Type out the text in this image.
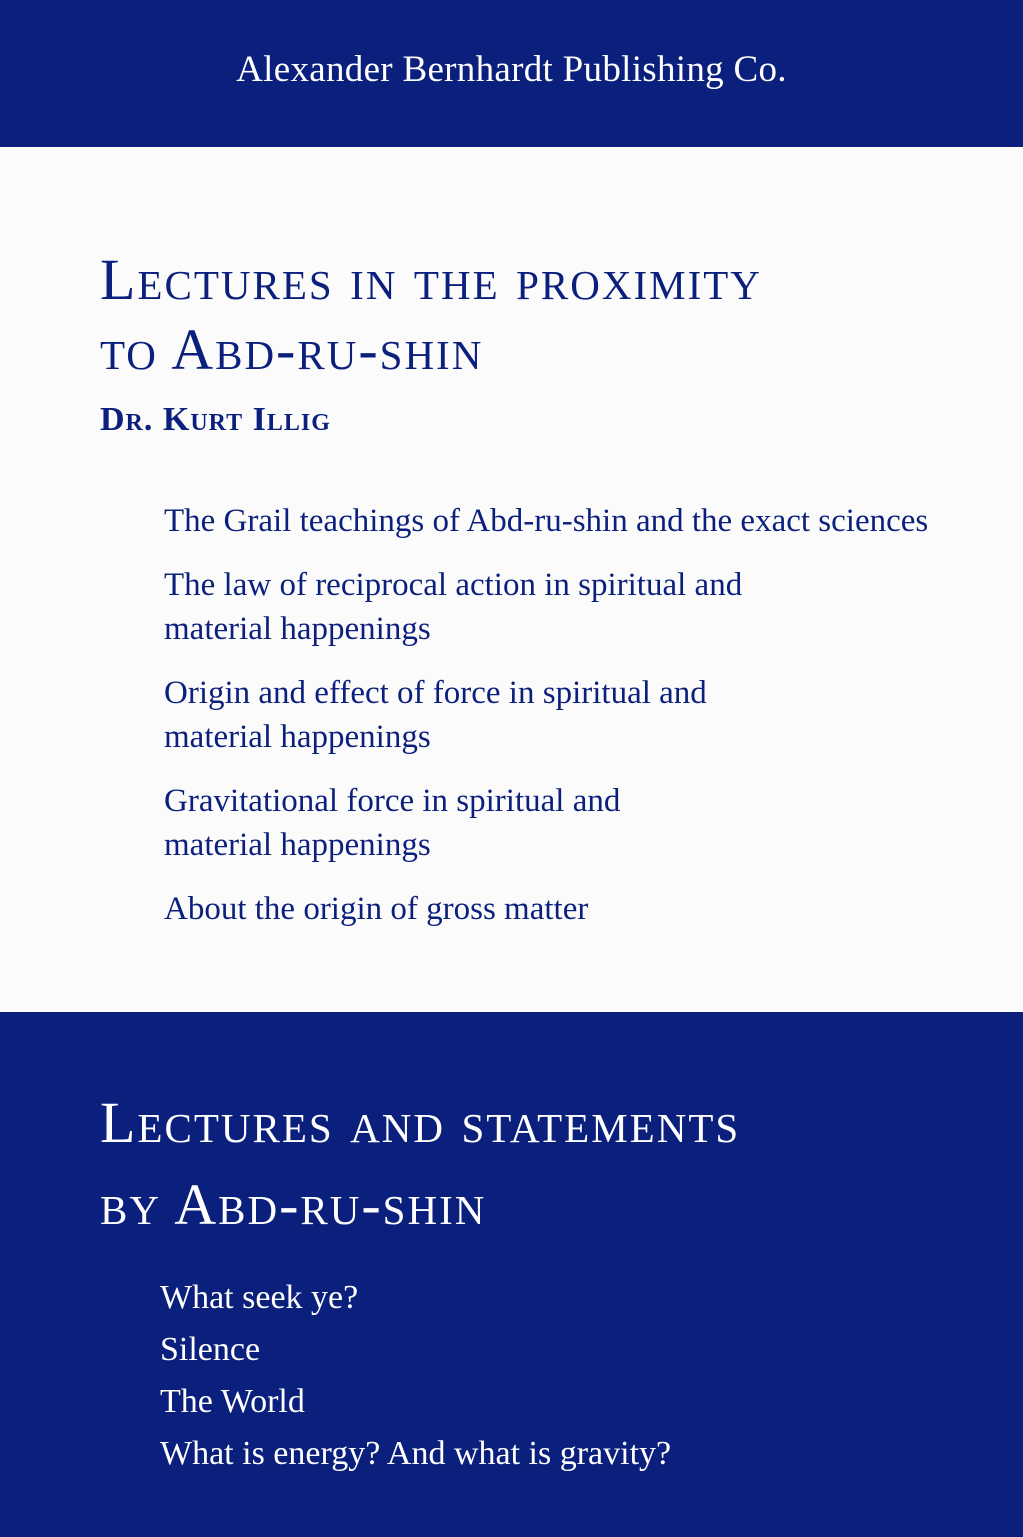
Alexander Bernhardt Publishing Co.
Lectures in the proximity
to Abd-ru-shin
Dr. Kurt Illig
The Grail teachings of Abd-ru-shin and the exact sciences
The law of reciprocal action in spiritual and
material happenings
Origin and effect of force in spiritual and
material happenings
Gravitational force in spiritual and
material happenings
About the origin of gross matter
Lectures and statements
by Abd-ru-shin
What seek ye?
Silence
The World
What is energy? And what is gravity?
